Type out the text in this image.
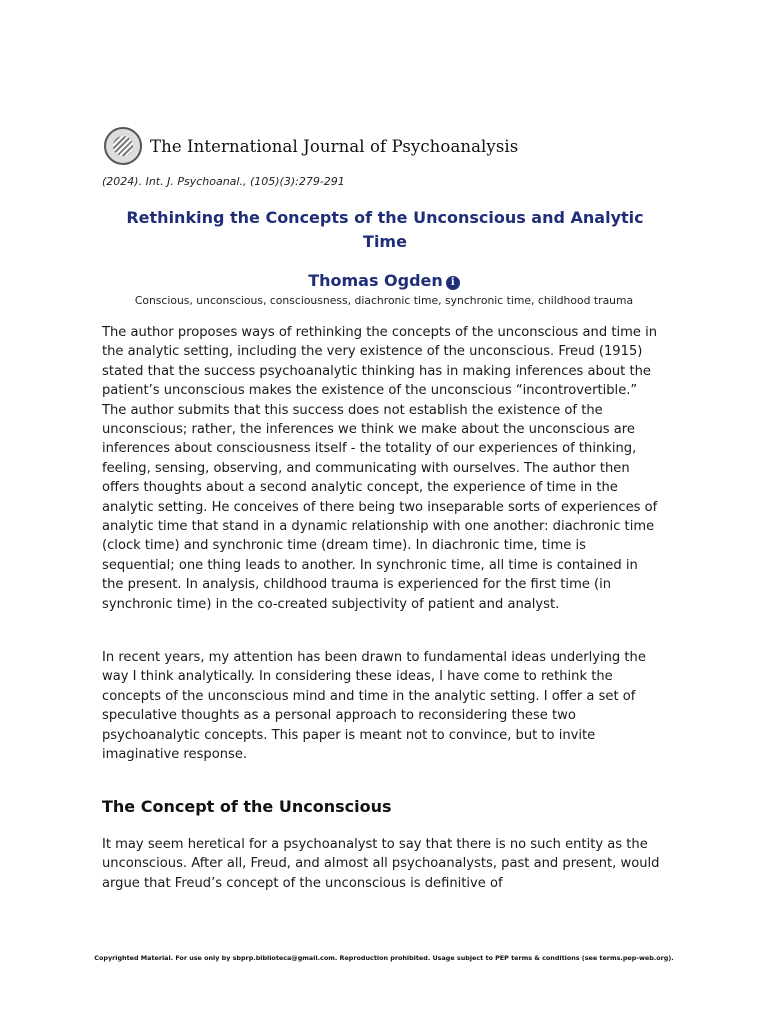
The International Journal of Psychoanalysis
(2024). Int. J. Psychoanal., (105)(3):279-291
Rethinking the Concepts of the Unconscious and Analytic Time
Thomas Ogden i
Conscious, unconscious, consciousness, diachronic time, synchronic time, childhood trauma

The author proposes ways of rethinking the concepts of the unconscious and time in the analytic setting, including the very existence of the unconscious. Freud (1915) stated that the success psychoanalytic thinking has in making inferences about the patient’s unconscious makes the existence of the unconscious “incontrovertible.” The author submits that this success does not establish the existence of the unconscious; rather, the inferences we think we make about the unconscious are inferences about consciousness itself - the totality of our experiences of thinking, feeling, sensing, observing, and communicating with ourselves. The author then offers thoughts about a second analytic concept, the experience of time in the analytic setting. He conceives of there being two inseparable sorts of experiences of analytic time that stand in a dynamic relationship with one another: diachronic time (clock time) and synchronic time (dream time). In diachronic time, time is sequential; one thing leads to another. In synchronic time, all time is contained in the present. In analysis, childhood trauma is experienced for the first time (in synchronic time) in the co-created subjectivity of patient and analyst.

In recent years, my attention has been drawn to fundamental ideas underlying the way I think analytically. In considering these ideas, I have come to rethink the concepts of the unconscious mind and time in the analytic setting. I offer a set of speculative thoughts as a personal approach to reconsidering these two psychoanalytic concepts. This paper is meant not to convince, but to invite imaginative response.

The Concept of the Unconscious

It may seem heretical for a psychoanalyst to say that there is no such entity as the unconscious. After all, Freud, and almost all psychoanalysts, past and present, would argue that Freud’s concept of the unconscious is definitive of

Copyrighted Material. For use only by sbprp.biblioteca@gmail.com. Reproduction prohibited. Usage subject to PEP terms & conditions (see terms.pep-web.org).
